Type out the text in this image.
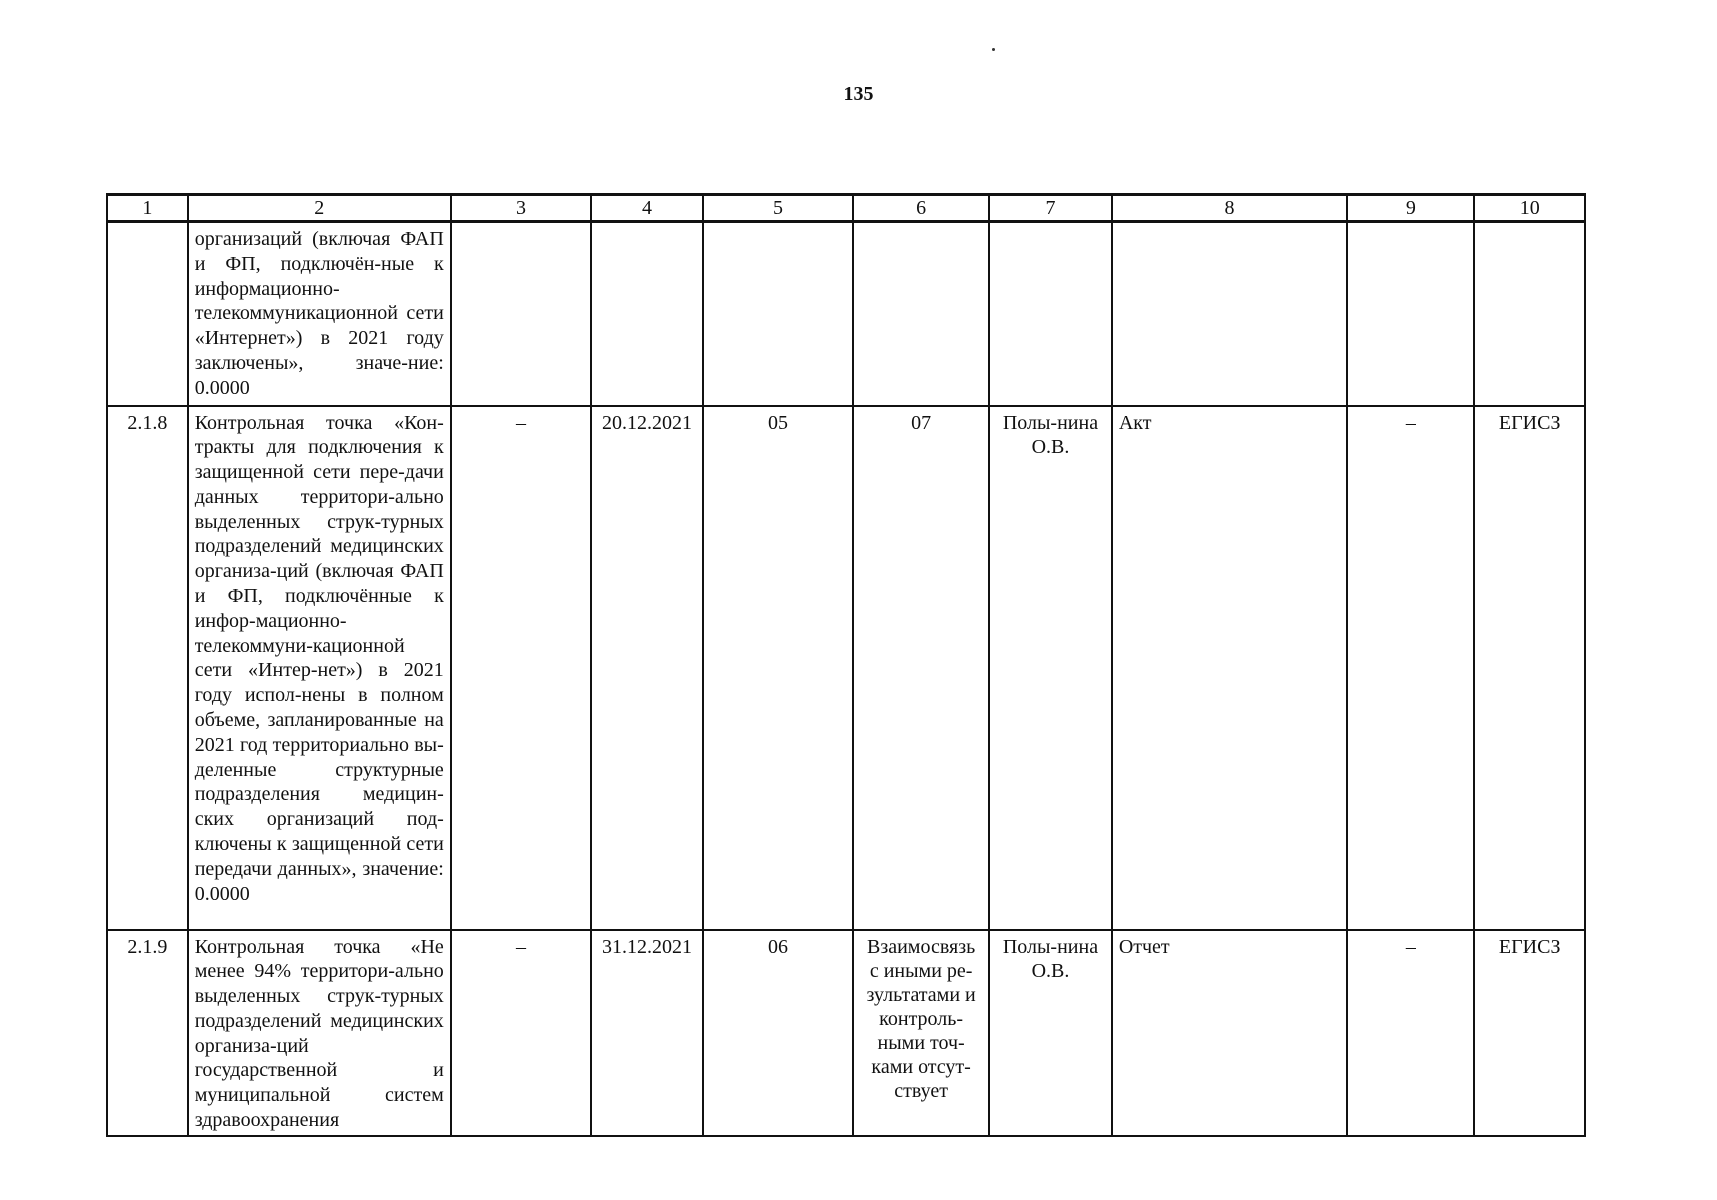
135
1	2	3	4	5	6	7	8	9	10
	организаций (включая ФАП и ФП, подключён-ные к информационно-телекоммуникационной сети «Интернет») в 2021 году заключены», значе-ние: 0.0000								
2.1.8	Контрольная точка «Кон-тракты для подключения к защищенной сети пере-дачи данных территори-ально выделенных струк-турных подразделений медицинских организа-ций (включая ФАП и ФП, подключённые к инфор-мационно-телекоммуни-кационной сети «Интер-нет») в 2021 году испол-нены в полном объеме, запланированные на 2021 год территориально вы-деленные структурные подразделения медицин-ских организаций под-ключены к защищенной сети передачи данных», значение: 0.0000	–	20.12.2021	05	07	Полы-нина О.В.	Акт	–	ЕГИСЗ
2.1.9	Контрольная точка «Не менее 94% территори-ально выделенных струк-турных подразделений медицинских организа-ций государственной и муниципальной систем здравоохранения	–	31.12.2021	06	Взаимосвязь с иными ре-зультатами и контроль-ными точ-ками отсут-ствует	Полы-нина О.В.	Отчет	–	ЕГИСЗ
